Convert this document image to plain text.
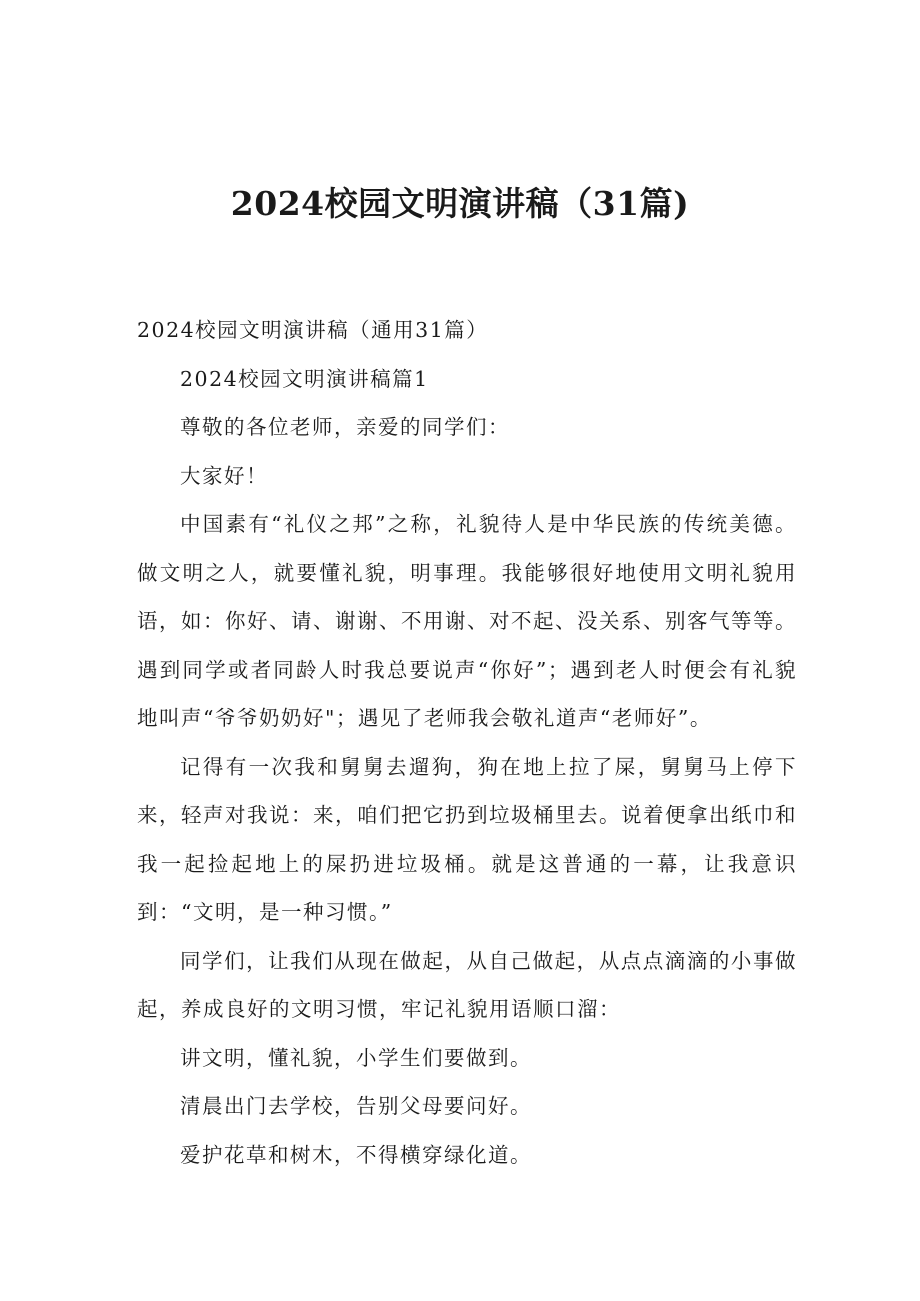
2024校园文明演讲稿（31篇)

2024校园文明演讲稿（通用31篇）

2024校园文明演讲稿篇1

尊敬的各位老师，亲爱的同学们：

大家好！

中国素有“礼仪之邦”之称，礼貌待人是中华民族的传统美德。做文明之人，就要懂礼貌，明事理。我能够很好地使用文明礼貌用语，如：你好、请、谢谢、不用谢、对不起、没关系、别客气等等。遇到同学或者同龄人时我总要说声“你好”；遇到老人时便会有礼貌地叫声“爷爷奶奶好"；遇见了老师我会敬礼道声“老师好”。

记得有一次我和舅舅去遛狗，狗在地上拉了屎，舅舅马上停下来，轻声对我说：来，咱们把它扔到垃圾桶里去。说着便拿出纸巾和我一起捡起地上的屎扔进垃圾桶。就是这普通的一幕，让我意识到：“文明，是一种习惯。”

同学们，让我们从现在做起，从自己做起，从点点滴滴的小事做起，养成良好的文明习惯，牢记礼貌用语顺口溜：

讲文明，懂礼貌，小学生们要做到。

清晨出门去学校，告别父母要问好。

爱护花草和树木，不得横穿绿化道。
